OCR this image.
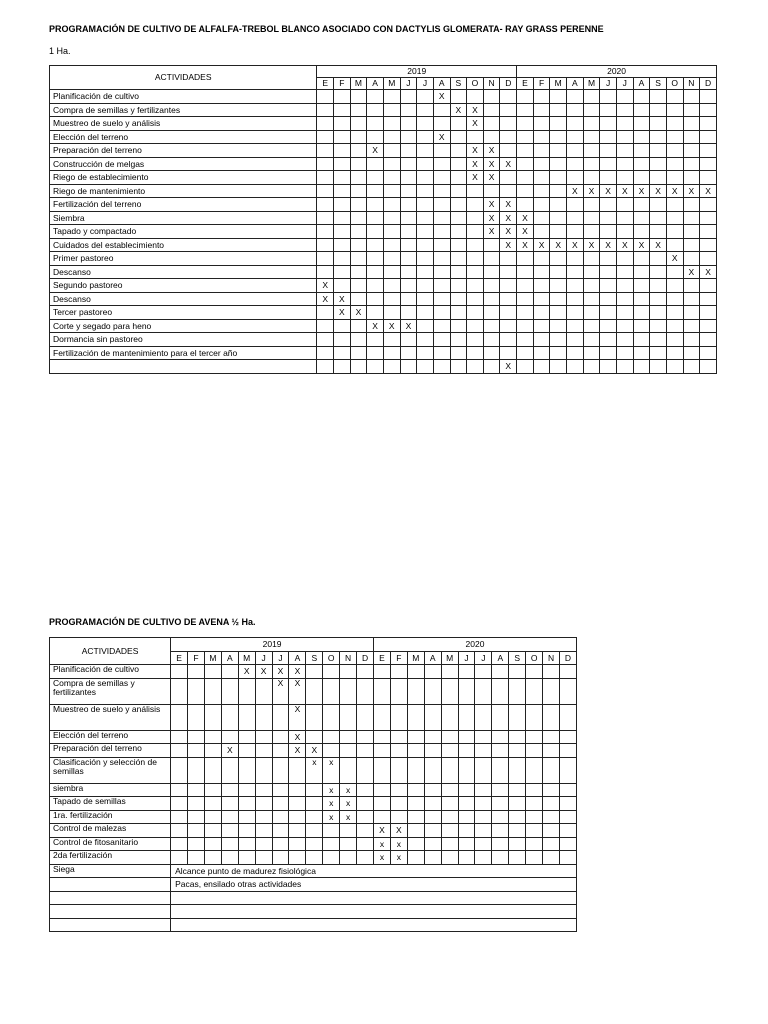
PROGRAMACIÓN DE CULTIVO DE ALFALFA-TREBOL BLANCO ASOCIADO CON DACTYLIS GLOMERATA- RAY GRASS PERENNE
1 Ha.
ACTIVIDADES	2019												2020											
	E	F	M	A	M	J	J	A	S	O	N	D	E	F	M	A	M	J	J	A	S	O	N	D
Planificación de cultivo								X																
Compra de semillas y fertilizantes									X	X														
Muestreo de suelo y análisis										X														
Elección del terreno								X																
Preparación del terreno				X						X	X													
Construcción de melgas										X	X	X												
Riego de establecimiento										X	X													
Riego de mantenimiento																X	X	X	X	X	X	X	X	X
Fertilización del terreno											X	X												
Siembra											X	X	X											
Tapado y compactado											X	X	X											
Cuidados del establecimiento												X	X	X	X	X	X	X	X	X	X			
Primer pastoreo																						X		
Descanso																							X	X
Segundo pastoreo	X																							
Descanso	X	X																						
Tercer pastoreo		X	X																					
Corte y segado para heno				X	X	X																		
Dormancia sin pastoreo																								
Fertilización de mantenimiento para el tercer año																								
												X												
PROGRAMACIÓN DE CULTIVO DE AVENA ½ Ha.
ACTIVIDADES	2019												2020											
	E	F	M	A	M	J	J	A	S	O	N	D	E	F	M	A	M	J	J	A	S	O	N	D
Planificación de cultivo					X	X	X	X																
Compra de semillas y fertilizantes							X	X																
Muestreo de suelo y análisis								X																
Elección del terreno								X																
Preparación del terreno				X				X	X															
Clasificación y selección de semillas									x	x														
siembra										x	x													
Tapado de semillas										x	x													
1ra. fertilización										x	x													
Control de malezas													X	X										
Control de fitosanitario													x	x										
2da fertilización													x	x										
Siega	Alcance punto de madurez fisiológica																							
	Pacas, ensilado otras actividades																							
